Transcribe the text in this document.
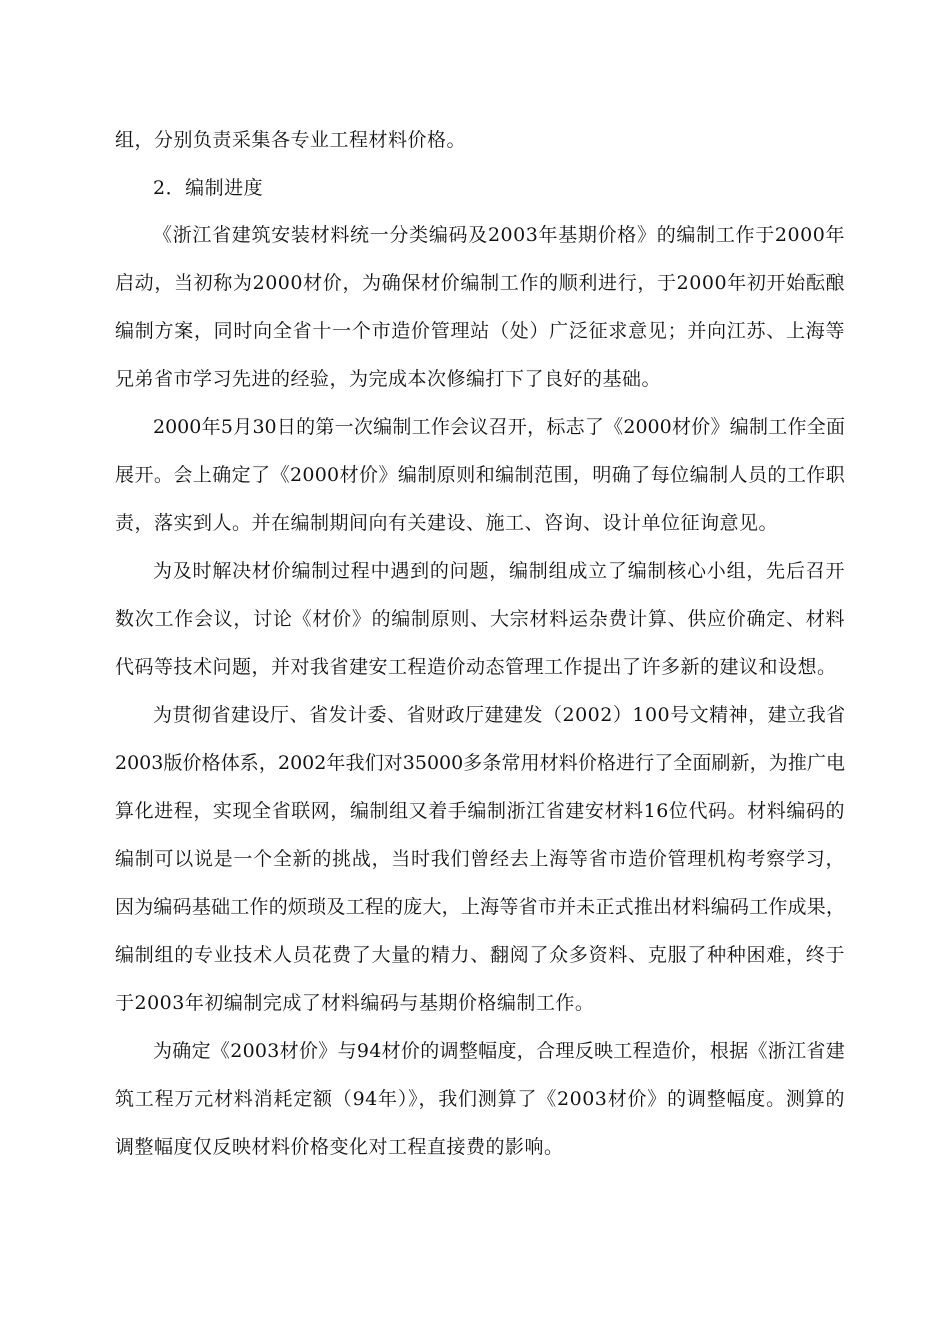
组，分别负责采集各专业工程材料价格。
2．编制进度
《浙江省建筑安装材料统一分类编码及2003年基期价格》的编制工作于2000年
启动，当初称为2000材价，为确保材价编制工作的顺利进行，于2000年初开始酝酿
编制方案，同时向全省十一个市造价管理站（处）广泛征求意见；并向江苏、上海等
兄弟省市学习先进的经验，为完成本次修编打下了良好的基础。
2000年5月30日的第一次编制工作会议召开，标志了《2000材价》编制工作全面
展开。会上确定了《2000材价》编制原则和编制范围，明确了每位编制人员的工作职
责，落实到人。并在编制期间向有关建设、施工、咨询、设计单位征询意见。
为及时解决材价编制过程中遇到的问题，编制组成立了编制核心小组，先后召开
数次工作会议，讨论《材价》的编制原则、大宗材料运杂费计算、供应价确定、材料
代码等技术问题，并对我省建安工程造价动态管理工作提出了许多新的建议和设想。
为贯彻省建设厅、省发计委、省财政厅建建发（2002）100号文精神，建立我省
2003版价格体系，2002年我们对35000多条常用材料价格进行了全面刷新，为推广电
算化进程，实现全省联网，编制组又着手编制浙江省建安材料16位代码。材料编码的
编制可以说是一个全新的挑战，当时我们曾经去上海等省市造价管理机构考察学习，
因为编码基础工作的烦琐及工程的庞大，上海等省市并未正式推出材料编码工作成果，
编制组的专业技术人员花费了大量的精力、翻阅了众多资料、克服了种种困难，终于
于2003年初编制完成了材料编码与基期价格编制工作。
为确定《2003材价》与94材价的调整幅度，合理反映工程造价，根据《浙江省建
筑工程万元材料消耗定额（94年）》，我们测算了《2003材价》的调整幅度。测算的
调整幅度仅反映材料价格变化对工程直接费的影响。
